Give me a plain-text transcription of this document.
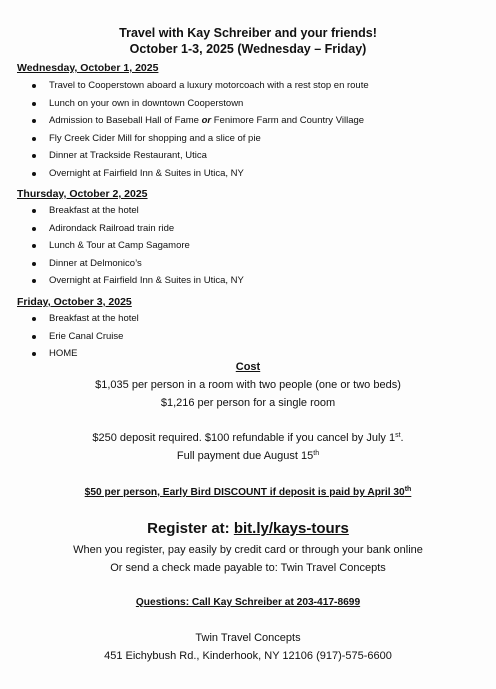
Travel with Kay Schreiber and your friends!
October 1-3, 2025 (Wednesday – Friday)
Wednesday, October 1, 2025
Travel to Cooperstown aboard a luxury motorcoach with a rest stop en route
Lunch on your own in downtown Cooperstown
Admission to Baseball Hall of Fame or Fenimore Farm and Country Village
Fly Creek Cider Mill for shopping and a slice of pie
Dinner at Trackside Restaurant, Utica
Overnight at Fairfield Inn & Suites in Utica, NY
Thursday, October 2, 2025
Breakfast at the hotel
Adirondack Railroad train ride
Lunch & Tour at Camp Sagamore
Dinner at Delmonico’s
Overnight at Fairfield Inn & Suites in Utica, NY
Friday, October 3, 2025
Breakfast at the hotel
Erie Canal Cruise
HOME
Cost
$1,035 per person in a room with two people (one or two beds)
$1,216 per person for a single room
$250 deposit required. $100 refundable if you cancel by July 1st.
Full payment due August 15th
$50 per person, Early Bird DISCOUNT if deposit is paid by April 30th
Register at: bit.ly/kays-tours
When you register, pay easily by credit card or through your bank online
Or send a check made payable to: Twin Travel Concepts
Questions: Call Kay Schreiber at 203-417-8699
Twin Travel Concepts
451 Eichybush Rd., Kinderhook, NY 12106 (917)-575-6600
